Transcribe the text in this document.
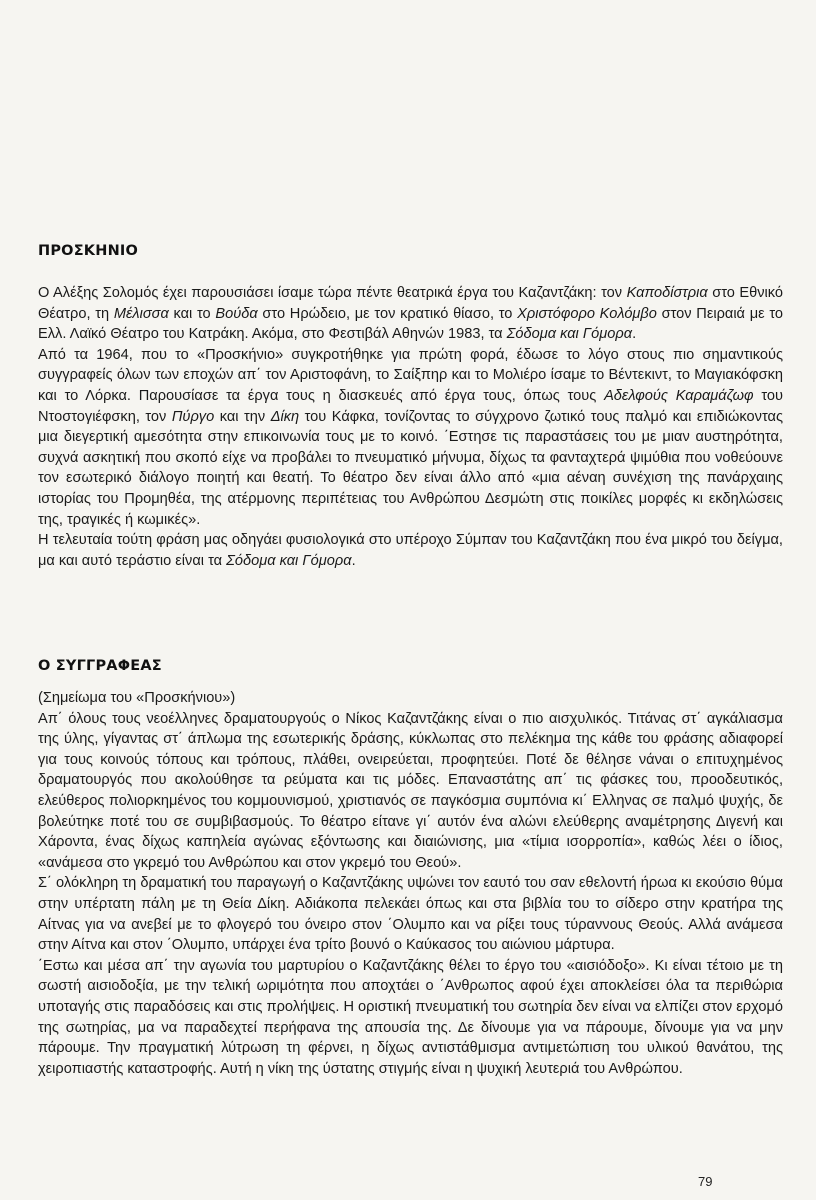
ΠΡΟΣΚΗΝΙΟ

Ο Αλέξης Σολομός έχει παρουσιάσει ίσαμε τώρα πέντε θεατρικά έργα του Καζαντζάκη: τον Καποδίστρια στο Εθνικό Θέατρο, τη Μέλισσα και το Βούδα στο Ηρώδειο, με τον κρατικό θίασο, το Χριστόφορο Κολόμβο στον Πειραιά με το Ελλ. Λαϊκό Θέατρο του Κατράκη. Ακόμα, στο Φεστιβάλ Αθηνών 1983, τα Σόδομα και Γόμορα.

Από τα 1964, που το «Προσκήνιο» συγκροτήθηκε για πρώτη φορά, έδωσε το λόγο στους πιο σημαντικούς συγγραφείς όλων των εποχών απ΄ τον Αριστοφάνη, το Σαίξπηρ και το Μολιέρο ίσαμε το Βέντεκιντ, το Μαγιακόφσκη και το Λόρκα. Παρουσίασε τα έργα τους η διασκευές από έργα τους, όπως τους Αδελφούς Καραμάζωφ του Ντοστογιέφσκη, τον Πύργο και την Δίκη του Κάφκα, τονίζοντας το σύγχρονο ζωτικό τους παλμό και επιδιώκοντας μια διεγερτική αμεσότητα στην επικοινωνία τους με το κοινό. ΄Εστησε τις παραστάσεις του με μιαν αυστηρότητα, συχνά ασκητική που σκοπό είχε να προβάλει το πνευματικό μήνυμα, δίχως τα φανταχτερά ψιμύθια που νοθεύουνε τον εσωτερικό διάλογο ποιητή και θεατή. Το θέατρο δεν είναι άλλο από «μια αέναη συνέχιση της πανάρχαιης ιστορίας του Προμηθέα, της ατέρμονης περιπέτειας του Ανθρώπου Δεσμώτη στις ποικίλες μορφές κι εκδηλώσεις της, τραγικές ή κωμικές».

Η τελευταία τούτη φράση μας οδηγάει φυσιολογικά στο υπέροχο Σύμπαν του Καζαντζάκη που ένα μικρό του δείγμα, μα και αυτό τεράστιο είναι τα Σόδομα και Γόμορα.

Ο ΣΥΓΓΡΑΦΕΑΣ

(Σημείωμα του «Προσκήνιου»)

Απ΄ όλους τους νεοέλληνες δραματουργούς ο Νίκος Καζαντζάκης είναι ο πιο αισχυλικός. Τιτάνας στ΄ αγκάλιασμα της ύλης, γίγαντας στ΄ άπλωμα της εσωτερικής δράσης, κύκλωπας στο πελέκημα της κάθε του φράσης αδιαφορεί για τους κοινούς τόπους και τρόπους, πλάθει, ονειρεύεται, προφητεύει. Ποτέ δε θέλησε νάναι ο επιτυχημένος δραματουργός που ακολούθησε τα ρεύματα και τις μόδες. Επαναστάτης απ΄ τις φάσκες του, προοδευτικός, ελεύθερος πολιορκημένος του κομμουνισμού, χριστιανός σε παγκόσμια συμπόνια κι΄ Ελληνας σε παλμό ψυχής, δε βολεύτηκε ποτέ του σε συμβιβασμούς. Το θέατρο είτανε γι΄ αυτόν ένα αλώνι ελεύθερης αναμέτρησης Διγενή και Χάροντα, ένας δίχως καπηλεία αγώνας εξόντωσης και διαιώνισης, μια «τίμια ισορροπία», καθώς λέει ο ίδιος, «ανάμεσα στο γκρεμό του Ανθρώπου και στον γκρεμό του Θεού».

Σ΄ ολόκληρη τη δραματική του παραγωγή ο Καζαντζάκης υψώνει τον εαυτό του σαν εθελοντή ήρωα κι εκούσιο θύμα στην υπέρτατη πάλη με τη Θεία Δίκη. Αδιάκοπα πελεκάει όπως και στα βιβλία του το σίδερο στην κρατήρα της Αίτνας για να ανεβεί με το φλογερό του όνειρο στον ΄Ολυμπο και να ρίξει τους τύραννους Θεούς. Αλλά ανάμεσα στην Αίτνα και στον ΄Ολυμπο, υπάρχει ένα τρίτο βουνό ο Καύκασος του αιώνιου μάρτυρα.

΄Εστω και μέσα απ΄ την αγωνία του μαρτυρίου ο Καζαντζάκης θέλει το έργο του «αισιόδοξο». Κι είναι τέτοιο με τη σωστή αισιοδοξία, με την τελική ωριμότητα που αποχτάει ο ΄Ανθρωπος αφού έχει αποκλείσει όλα τα περιθώρια υποταγής στις παραδόσεις και στις προλήψεις. Η οριστική πνευματική του σωτηρία δεν είναι να ελπίζει στον ερχομό της σωτηρίας, μα να παραδεχτεί περήφανα της απουσία της. Δε δίνουμε για να πάρουμε, δίνουμε για να μην πάρουμε. Την πραγματική λύτρωση τη φέρνει, η δίχως αντιστάθμισμα αντιμετώπιση του υλικού θανάτου, της χειροπιαστής καταστροφής. Αυτή η νίκη της ύστατης στιγμής είναι η ψυχική λευτεριά του Ανθρώπου.

79
